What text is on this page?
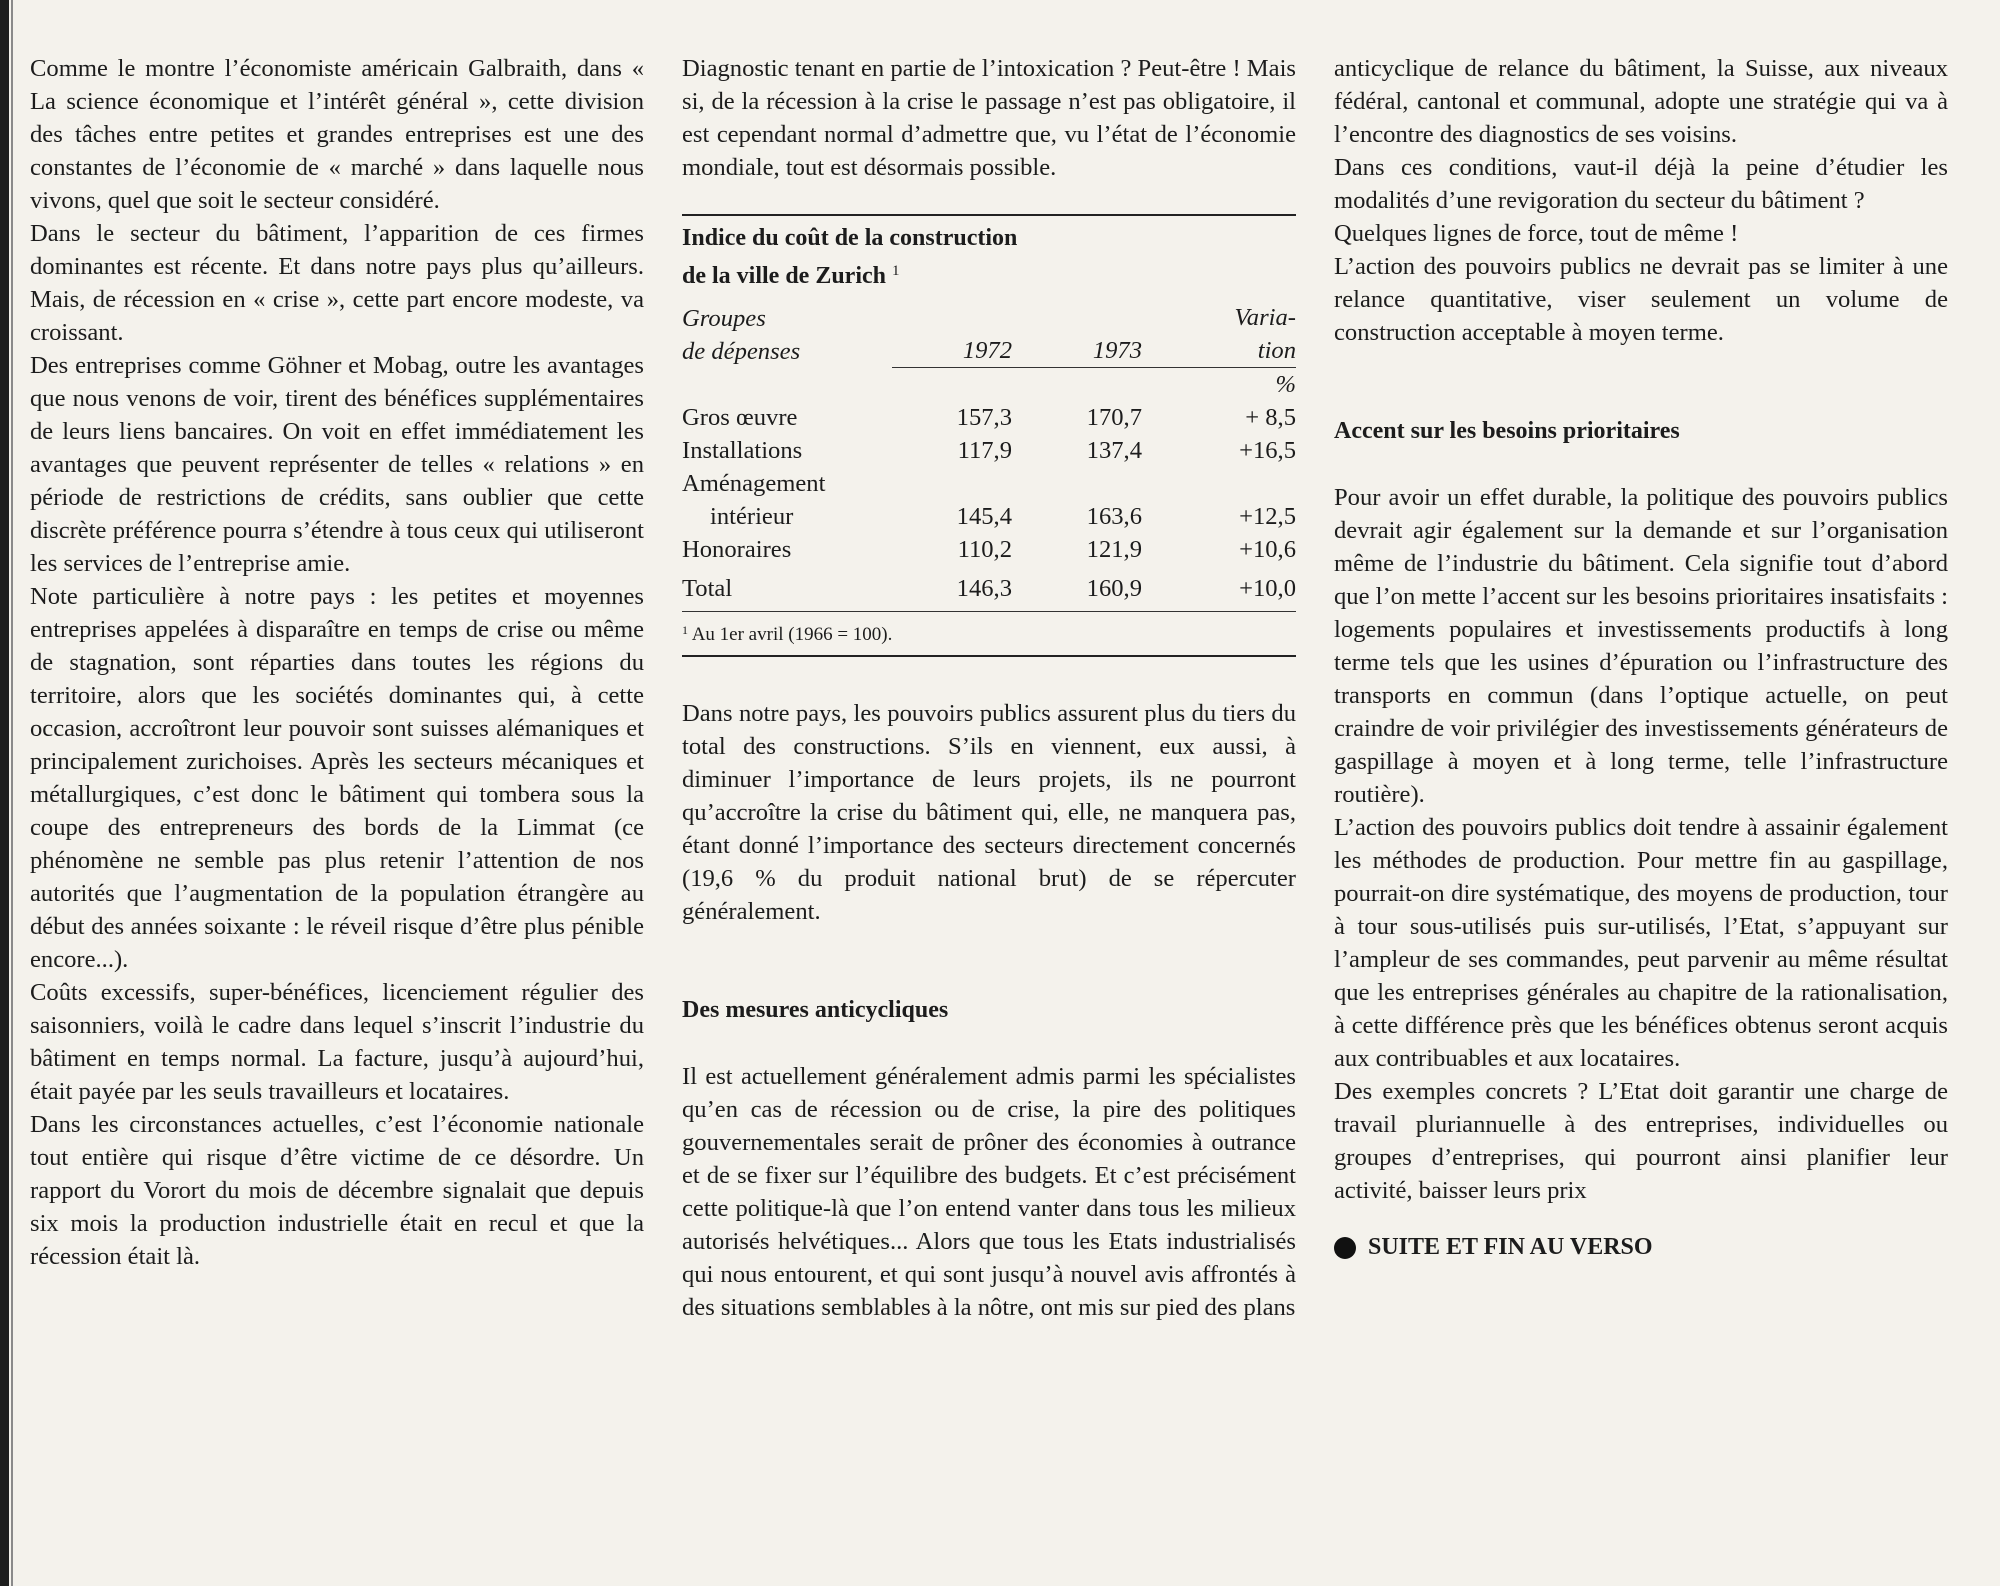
Comme le montre l’économiste américain Galbraith, dans « La science économique et l’intérêt général », cette division des tâches entre petites et grandes entreprises est une des constantes de l’économie de « marché » dans laquelle nous vivons, quel que soit le secteur considéré.

Dans le secteur du bâtiment, l’apparition de ces firmes dominantes est récente. Et dans notre pays plus qu’ailleurs. Mais, de récession en « crise », cette part encore modeste, va croissant.

Des entreprises comme Göhner et Mobag, outre les avantages que nous venons de voir, tirent des bénéfices supplémentaires de leurs liens bancaires. On voit en effet immédiatement les avantages que peuvent représenter de telles « relations » en période de restrictions de crédits, sans oublier que cette discrète préférence pourra s’étendre à tous ceux qui utiliseront les services de l’entreprise amie.

Note particulière à notre pays : les petites et moyennes entreprises appelées à disparaître en temps de crise ou même de stagnation, sont réparties dans toutes les régions du territoire, alors que les sociétés dominantes qui, à cette occasion, accroîtront leur pouvoir sont suisses alémaniques et principalement zurichoises. Après les secteurs mécaniques et métallurgiques, c’est donc le bâtiment qui tombera sous la coupe des entrepreneurs des bords de la Limmat (ce phénomène ne semble pas plus retenir l’attention de nos autorités que l’augmentation de la population étrangère au début des années soixante : le réveil risque d’être plus pénible encore...).

Coûts excessifs, super-bénéfices, licenciement régulier des saisonniers, voilà le cadre dans lequel s’inscrit l’industrie du bâtiment en temps normal. La facture, jusqu’à aujourd’hui, était payée par les seuls travailleurs et locataires.

Dans les circonstances actuelles, c’est l’économie nationale tout entière qui risque d’être victime de ce désordre. Un rapport du Vorort du mois de décembre signalait que depuis six mois la production industrielle était en recul et que la récession était là.

Diagnostic tenant en partie de l’intoxication ? Peut-être ! Mais si, de la récession à la crise le passage n’est pas obligatoire, il est cependant normal d’admettre que, vu l’état de l’économie mondiale, tout est désormais possible.

Indice du coût de la construction
de la ville de Zurich $^1$

Groupes
de dépenses	1972	1973	Varia-
tion
			%
Gros œuvre	157,3	170,7	+ 8,5
Installations	117,9	137,4	+16,5
Aménagement			
intérieur	145,4	163,6	+12,5
Honoraires	110,2	121,9	+10,6
Total	146,3	160,9	+10,0

$^1$ Au 1er avril (1966 = 100).

Dans notre pays, les pouvoirs publics assurent plus du tiers du total des constructions. S’ils en viennent, eux aussi, à diminuer l’importance de leurs projets, ils ne pourront qu’accroître la crise du bâtiment qui, elle, ne manquera pas, étant donné l’importance des secteurs directement concernés (19,6 % du produit national brut) de se répercuter généralement.

Des mesures anticycliques

Il est actuellement généralement admis parmi les spécialistes qu’en cas de récession ou de crise, la pire des politiques gouvernementales serait de prôner des économies à outrance et de se fixer sur l’équilibre des budgets. Et c’est précisément cette politique-là que l’on entend vanter dans tous les milieux autorisés helvétiques... Alors que tous les Etats industrialisés qui nous entourent, et qui sont jusqu’à nouvel avis affrontés à des situations semblables à la nôtre, ont mis sur pied des plans

anticyclique de relance du bâtiment, la Suisse, aux niveaux fédéral, cantonal et communal, adopte une stratégie qui va à l’encontre des diagnostics de ses voisins.

Dans ces conditions, vaut-il déjà la peine d’étudier les modalités d’une revigoration du secteur du bâtiment ?

Quelques lignes de force, tout de même !

L’action des pouvoirs publics ne devrait pas se limiter à une relance quantitative, viser seulement un volume de construction acceptable à moyen terme.

Accent sur les besoins prioritaires

Pour avoir un effet durable, la politique des pouvoirs publics devrait agir également sur la demande et sur l’organisation même de l’industrie du bâtiment. Cela signifie tout d’abord que l’on mette l’accent sur les besoins prioritaires insatisfaits : logements populaires et investissements productifs à long terme tels que les usines d’épuration ou l’infrastructure des transports en commun (dans l’optique actuelle, on peut craindre de voir privilégier des investissements générateurs de gaspillage à moyen et à long terme, telle l’infrastructure routière).

L’action des pouvoirs publics doit tendre à assainir également les méthodes de production. Pour mettre fin au gaspillage, pourrait-on dire systématique, des moyens de production, tour à tour sous-utilisés puis sur-utilisés, l’Etat, s’appuyant sur l’ampleur de ses commandes, peut parvenir au même résultat que les entreprises générales au chapitre de la rationalisation, à cette différence près que les bénéfices obtenus seront acquis aux contribuables et aux locataires.

Des exemples concrets ? L’Etat doit garantir une charge de travail pluriannuelle à des entreprises, individuelles ou groupes d’entreprises, qui pourront ainsi planifier leur activité, baisser leurs prix

SUITE ET FIN AU VERSO
